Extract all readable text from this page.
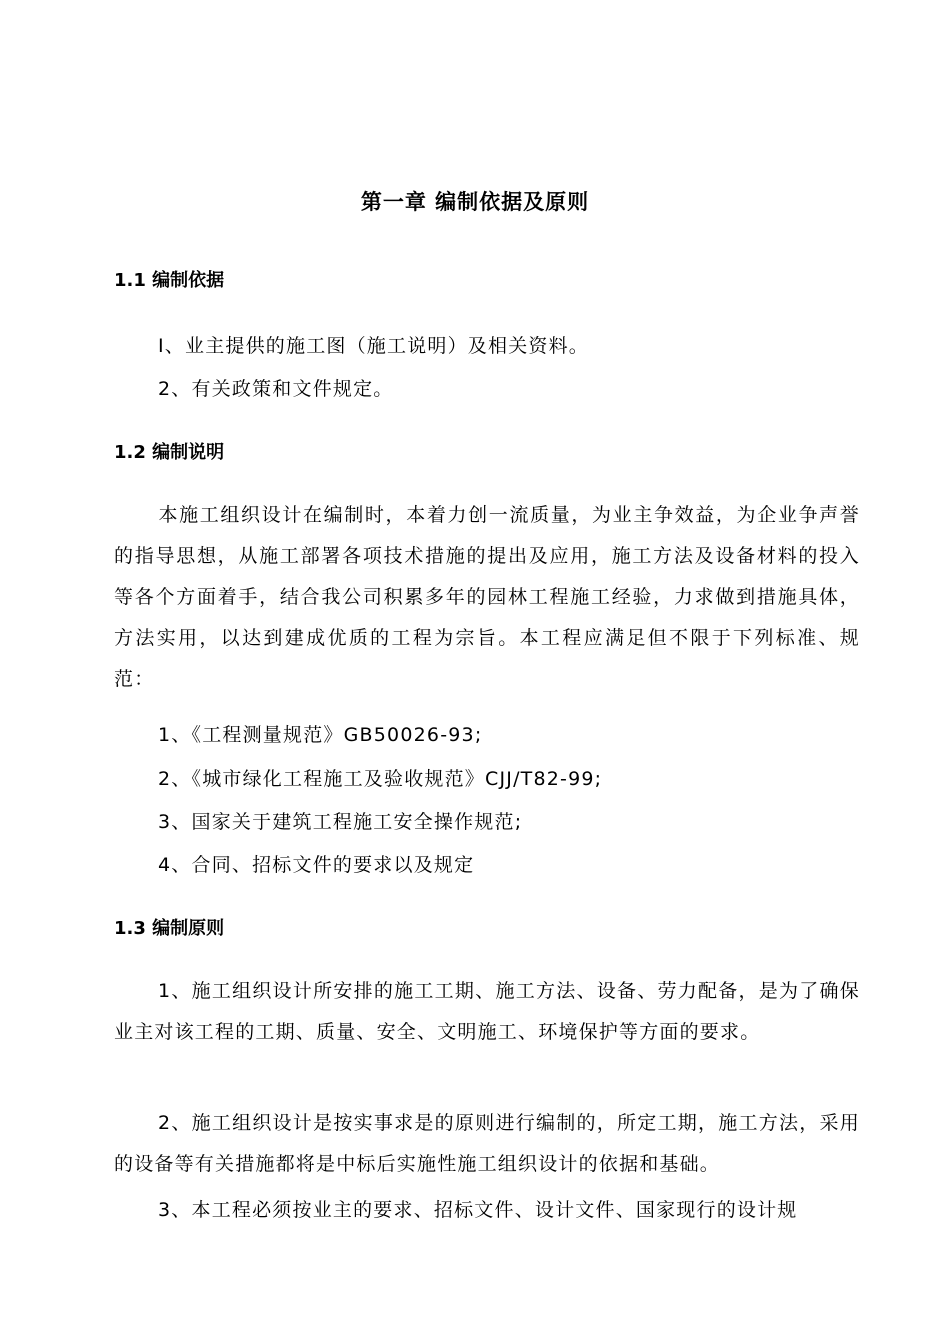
第一章 编制依据及原则
1.1 编制依据
I、业主提供的施工图（施工说明）及相关资料。
2、有关政策和文件规定。
1.2 编制说明

本施工组织设计在编制时，本着力创一流质量，为业主争效益，为企业争声誉的指导思想，从施工部署各项技术措施的提出及应用，施工方法及设备材料的投入等各个方面着手，结合我公司积累多年的园林工程施工经验，力求做到措施具体，方法实用，以达到建成优质的工程为宗旨。本工程应满足但不限于下列标准、规范：

1、《工程测量规范》GB50026-93;
2、《城市绿化工程施工及验收规范》CJJ/T82-99;
3、国家关于建筑工程施工安全操作规范;
4、合同、招标文件的要求以及规定
1.3 编制原则

1、施工组织设计所安排的施工工期、施工方法、设备、劳力配备，是为了确保业主对该工程的工期、质量、安全、文明施工、环境保护等方面的要求。

2、施工组织设计是按实事求是的原则进行编制的，所定工期，施工方法，采用的设备等有关措施都将是中标后实施性施工组织设计的依据和基础。

3、本工程必须按业主的要求、招标文件、设计文件、国家现行的设计规
